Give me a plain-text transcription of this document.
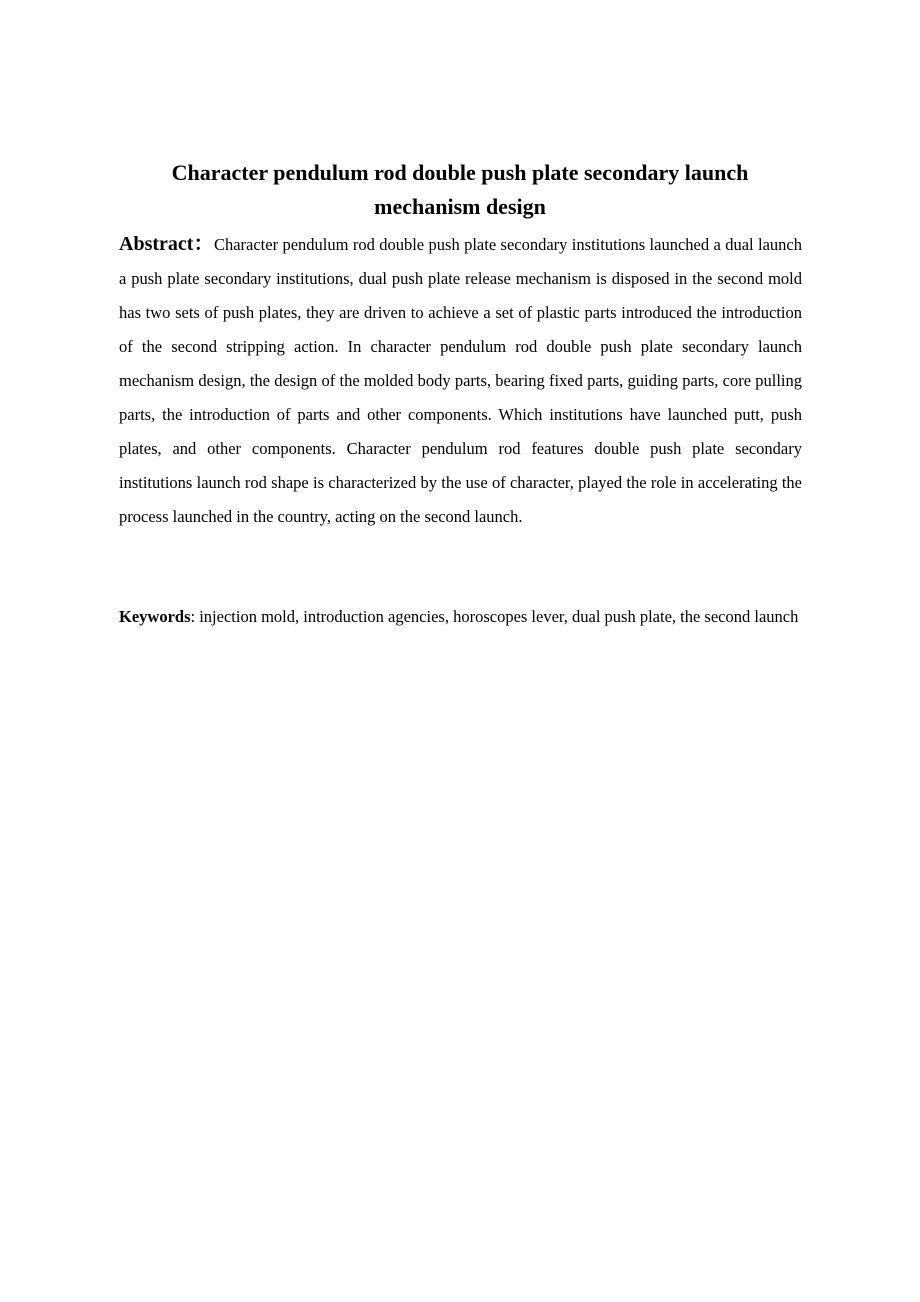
Character pendulum rod double push plate secondary launch
mechanism design

Abstract：Character pendulum rod double push plate secondary institutions launched a dual launch a push plate secondary institutions, dual push plate release mechanism is disposed in the second mold has two sets of push plates, they are driven to achieve a set of plastic parts introduced the introduction of the second stripping action. In character pendulum rod double push plate secondary launch mechanism design, the design of the molded body parts, bearing fixed parts, guiding parts, core pulling parts, the introduction of parts and other components. Which institutions have launched putt, push plates, and other components. Character pendulum rod features double push plate secondary institutions launch rod shape is characterized by the use of character, played the role in accelerating the process launched in the country, acting on the second launch.

Keywords: injection mold, introduction agencies, horoscopes lever, dual push plate, the second launch
